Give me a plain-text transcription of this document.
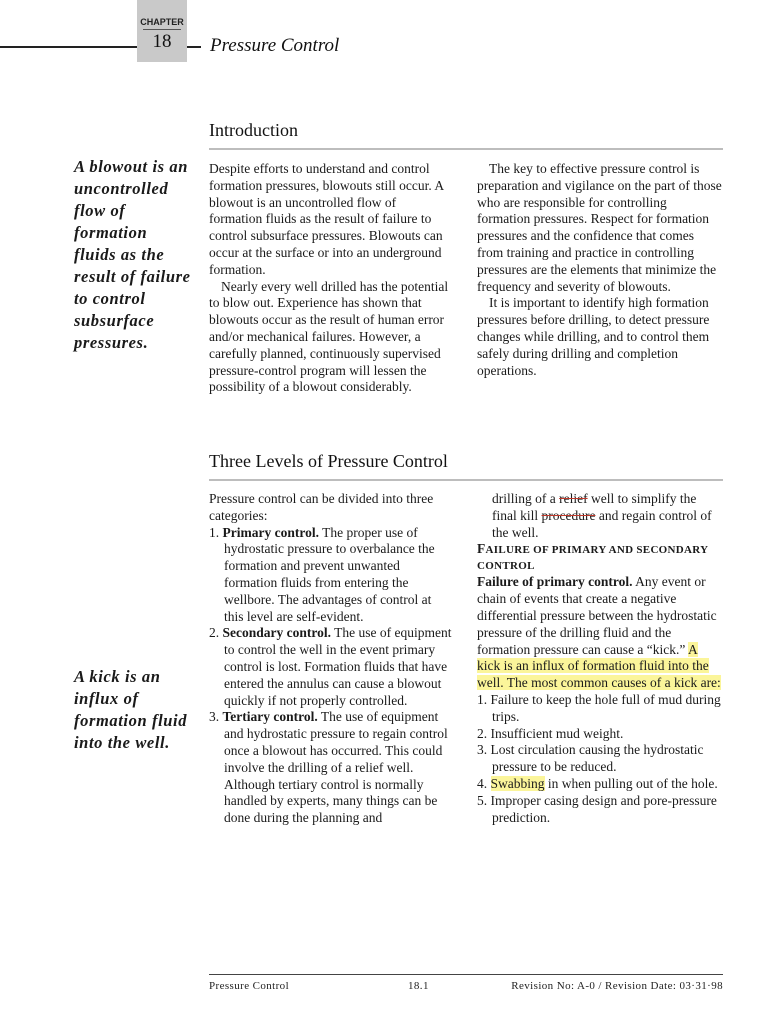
CHAPTER
18	Pressure Control
Introduction
A blowout is an uncontrolled flow of formation fluids as the result of failure to control subsurface pressures.

Despite efforts to understand and control formation pressures, blowouts still occur. A blowout is an uncontrolled flow of formation fluids as the result of failure to control subsurface pressures. Blowouts can occur at the surface or into an underground formation.

Nearly every well drilled has the potential to blow out. Experience has shown that blowouts occur as the result of human error and/or mechanical failures. However, a carefully planned, continuously supervised pressure-control program will lessen the possibility of a blowout considerably.

The key to effective pressure control is preparation and vigilance on the part of those who are responsible for controlling formation pressures. Respect for formation pressures and the confidence that comes from training and practice in controlling pressures are the elements that minimize the frequency and severity of blowouts.

It is important to identify high formation pressures before drilling, to detect pressure changes while drilling, and to control them safely during drilling and completion operations.

Three Levels of Pressure Control
A kick is an influx of formation fluid into the well.

Pressure control can be divided into three categories:

1. Primary control. The proper use of hydrostatic pressure to overbalance the formation and prevent unwanted formation fluids from entering the wellbore. The advantages of control at this level are self-evident.
2. Secondary control. The use of equipment to control the well in the event primary control is lost. Formation fluids that have entered the annulus can cause a blowout quickly if not properly controlled.
3. Tertiary control. The use of equipment and hydrostatic pressure to regain control once a blowout has occurred. This could involve the drilling of a relief well. Although tertiary control is normally handled by experts, many things can be done during the planning and

drilling of a relief well to simplify the final kill procedure and regain control of the well.

FAILURE OF PRIMARY AND SECONDARY CONTROL

Failure of primary control. Any event or chain of events that create a negative differential pressure between the hydrostatic pressure of the drilling fluid and the formation pressure can cause a “kick.” A kick is an influx of formation fluid into the well. The most common causes of a kick are:

1. Failure to keep the hole full of mud during trips.
2. Insufficient mud weight.
3. Lost circulation causing the hydrostatic pressure to be reduced.
4. Swabbing in when pulling out of the hole.
5. Improper casing design and pore-pressure prediction.
Pressure Control	18.1	Revision No: A-0 / Revision Date: 03·31·98
